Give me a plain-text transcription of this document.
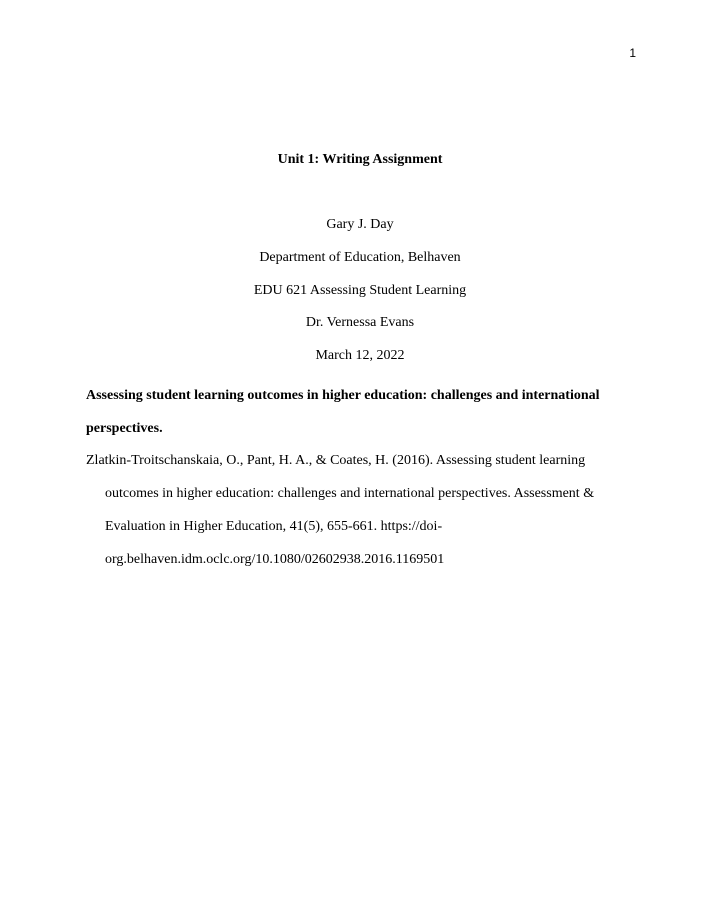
1
Unit 1: Writing Assignment
Gary J. Day
Department of Education, Belhaven
EDU 621 Assessing Student Learning
Dr. Vernessa Evans
March 12, 2022
Assessing student learning outcomes in higher education: challenges and international
perspectives.
Zlatkin-Troitschanskaia, O., Pant, H. A., & Coates, H. (2016). Assessing student learning
outcomes in higher education: challenges and international perspectives. Assessment &
Evaluation in Higher Education, 41(5), 655-661. https://doi-
org.belhaven.idm.oclc.org/10.1080/02602938.2016.1169501
